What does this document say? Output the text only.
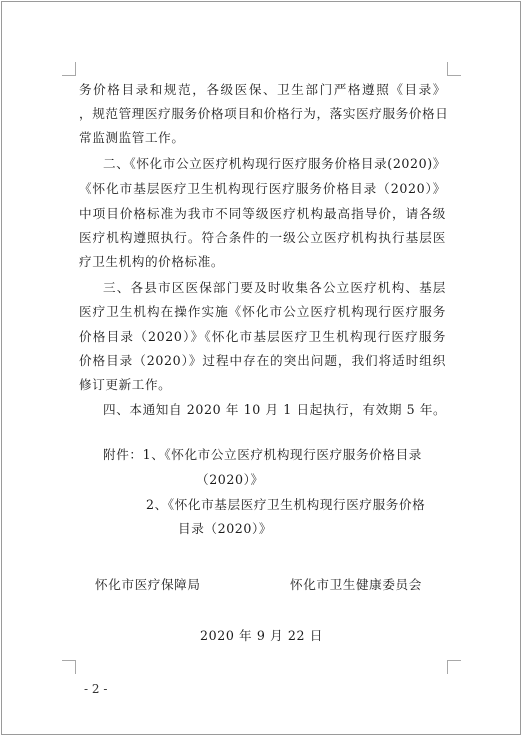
务价格目录和规范，各级医保、卫生部门严格遵照《目录》
，规范管理医疗服务价格项目和价格行为，落实医疗服务价格日
常监测监管工作。
二、《怀化市公立医疗机构现行医疗服务价格目录(2020)》
《怀化市基层医疗卫生机构现行医疗服务价格目录（2020）》
中项目价格标准为我市不同等级医疗机构最高指导价，请各级
医疗机构遵照执行。符合条件的一级公立医疗机构执行基层医
疗卫生机构的价格标准。
三、各县市区医保部门要及时收集各公立医疗机构、基层
医疗卫生机构在操作实施《怀化市公立医疗机构现行医疗服务
价格目录（2020）》《怀化市基层医疗卫生机构现行医疗服务
价格目录（2020）》过程中存在的突出问题，我们将适时组织
修订更新工作。
四、本通知自 2020 年 10 月 1 日起执行，有效期 5 年。
附件：1、《怀化市公立医疗机构现行医疗服务价格目录
（2020）》
2、《怀化市基层医疗卫生机构现行医疗服务价格
目录（2020）》
怀化市医疗保障局	怀化市卫生健康委员会
2020 年 9 月 22 日
- 2 -
